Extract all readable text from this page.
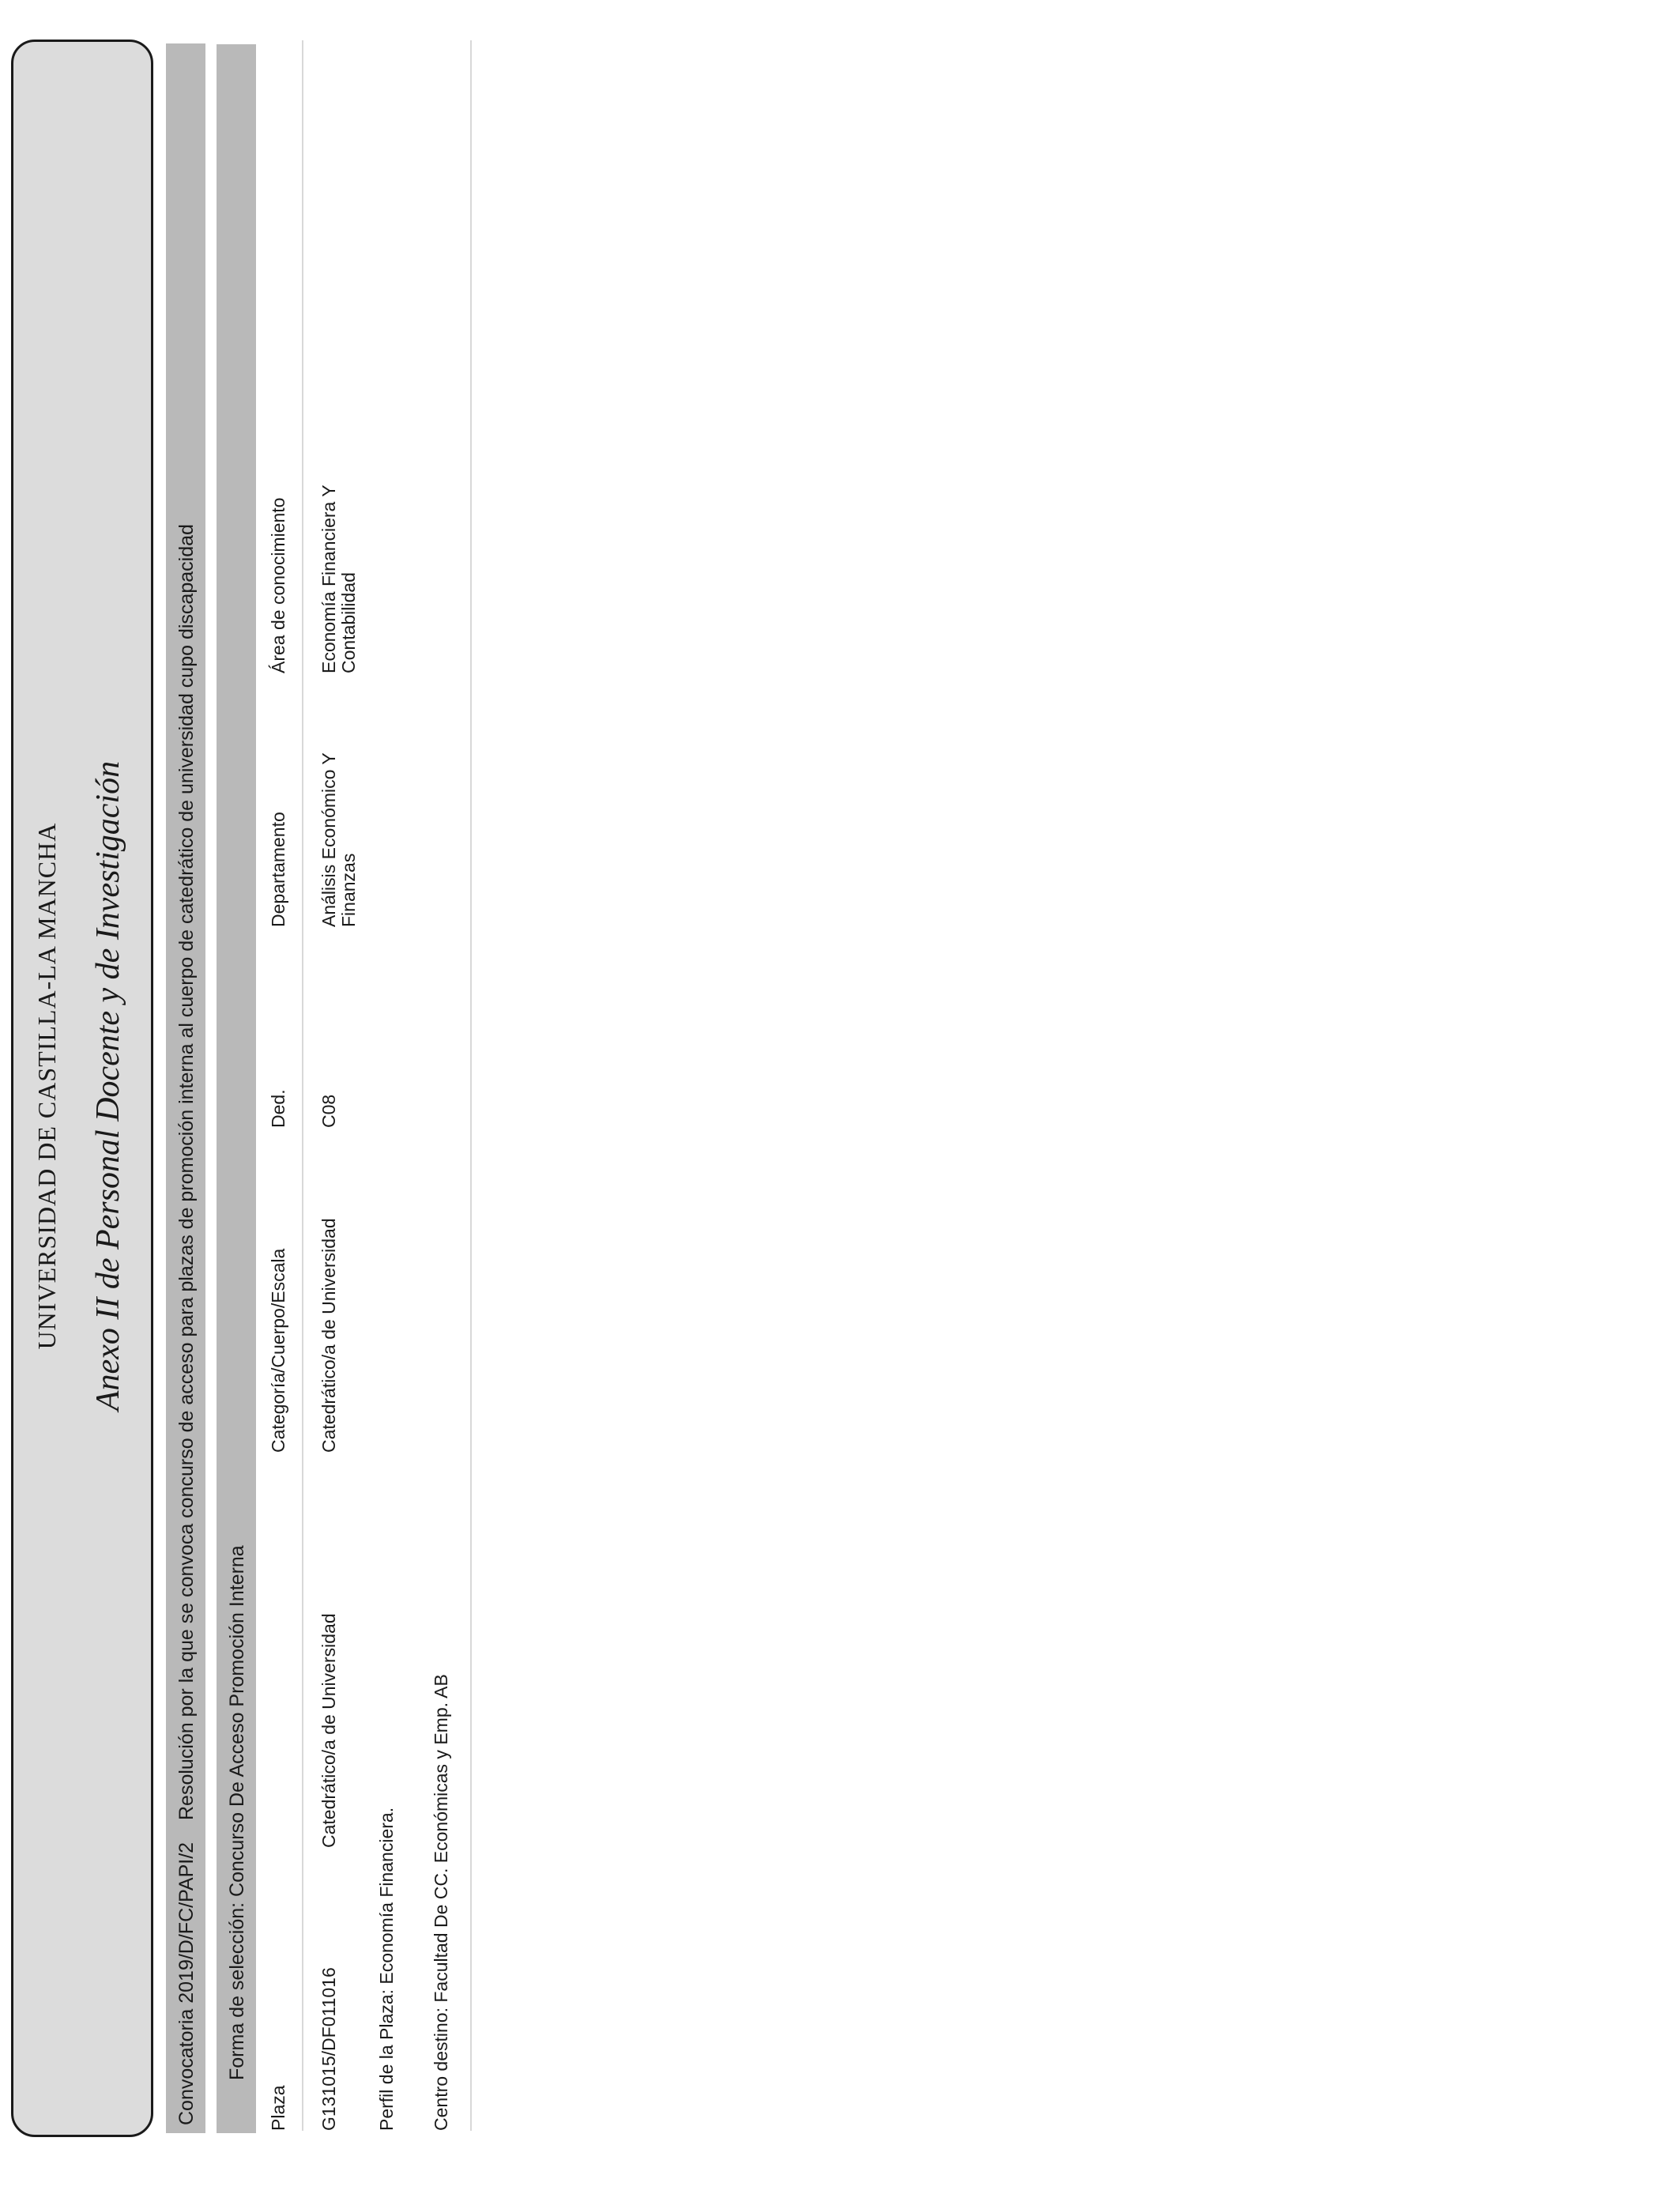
UNIVERSIDAD DE CASTILLA-LA MANCHA Anexo II de Personal Docente y de Investigación

Convocatoria 2019/D/FC/PAPI/2
Resolución por la que se convoca concurso de acceso para plazas de promoción interna al cuerpo de catedrático de universidad cupo discapacidad Forma de selección: Concurso De Acceso Promoción Interna
Plaza
Categoría/Cuerpo/Escala
Ded.
Departamento
Área de conocimiento
G131015/DF011016
Catedrático/a de Universidad
Catedrático/a de Universidad
C08
Análisis Económico Y Finanzas
Economía Financiera Y Contabilidad
Perfil de la Plaza: Economía Financiera. Centro destino: Facultad De CC. Económicas y Emp. AB
